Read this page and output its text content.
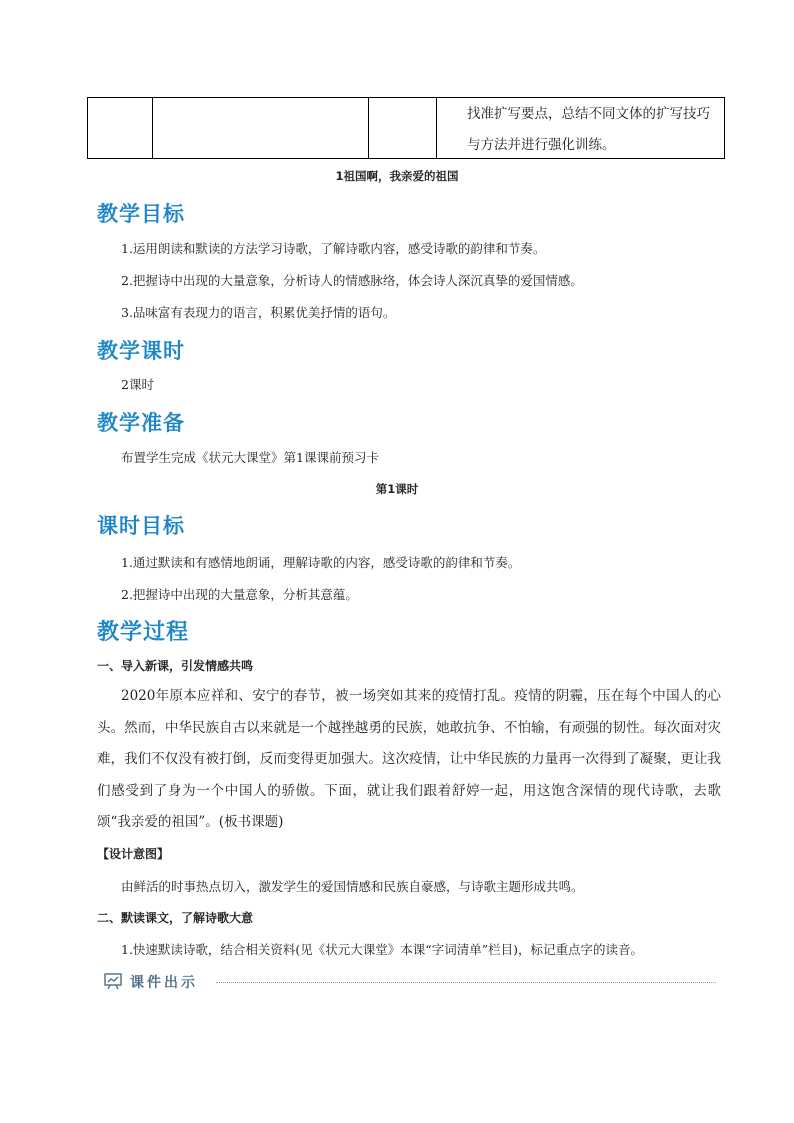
找准扩写要点，总结不同文体的扩写技巧
与方法并进行强化训练。
1祖国啊，我亲爱的祖国
教学目标
1.运用朗读和默读的方法学习诗歌，了解诗歌内容，感受诗歌的韵律和节奏。
2.把握诗中出现的大量意象，分析诗人的情感脉络，体会诗人深沉真挚的爱国情感。
3.品味富有表现力的语言，积累优美抒情的语句。
教学课时
2课时
教学准备
布置学生完成《状元大课堂》第1课课前预习卡
第1课时
课时目标
1.通过默读和有感情地朗诵，理解诗歌的内容，感受诗歌的韵律和节奏。
2.把握诗中出现的大量意象，分析其意蕴。
教学过程
一、导入新课，引发情感共鸣
2020年原本应祥和、安宁的春节，被一场突如其来的疫情打乱。疫情的阴霾，压在每个中国人的心头。然而，中华民族自古以来就是一个越挫越勇的民族，她敢抗争、不怕输，有顽强的韧性。每次面对灾难，我们不仅没有被打倒，反而变得更加强大。这次疫情，让中华民族的力量再一次得到了凝聚，更让我们感受到了身为一个中国人的骄傲。下面，就让我们跟着舒婷一起，用这饱含深情的现代诗歌，去歌颂“我亲爱的祖国”。(板书课题)
【设计意图】
由鲜活的时事热点切入，激发学生的爱国情感和民族自豪感，与诗歌主题形成共鸣。
二、默读课文，了解诗歌大意
1.快速默读诗歌，结合相关资料(见《状元大课堂》本课“字词清单”栏目)，标记重点字的读音。
课件出示
